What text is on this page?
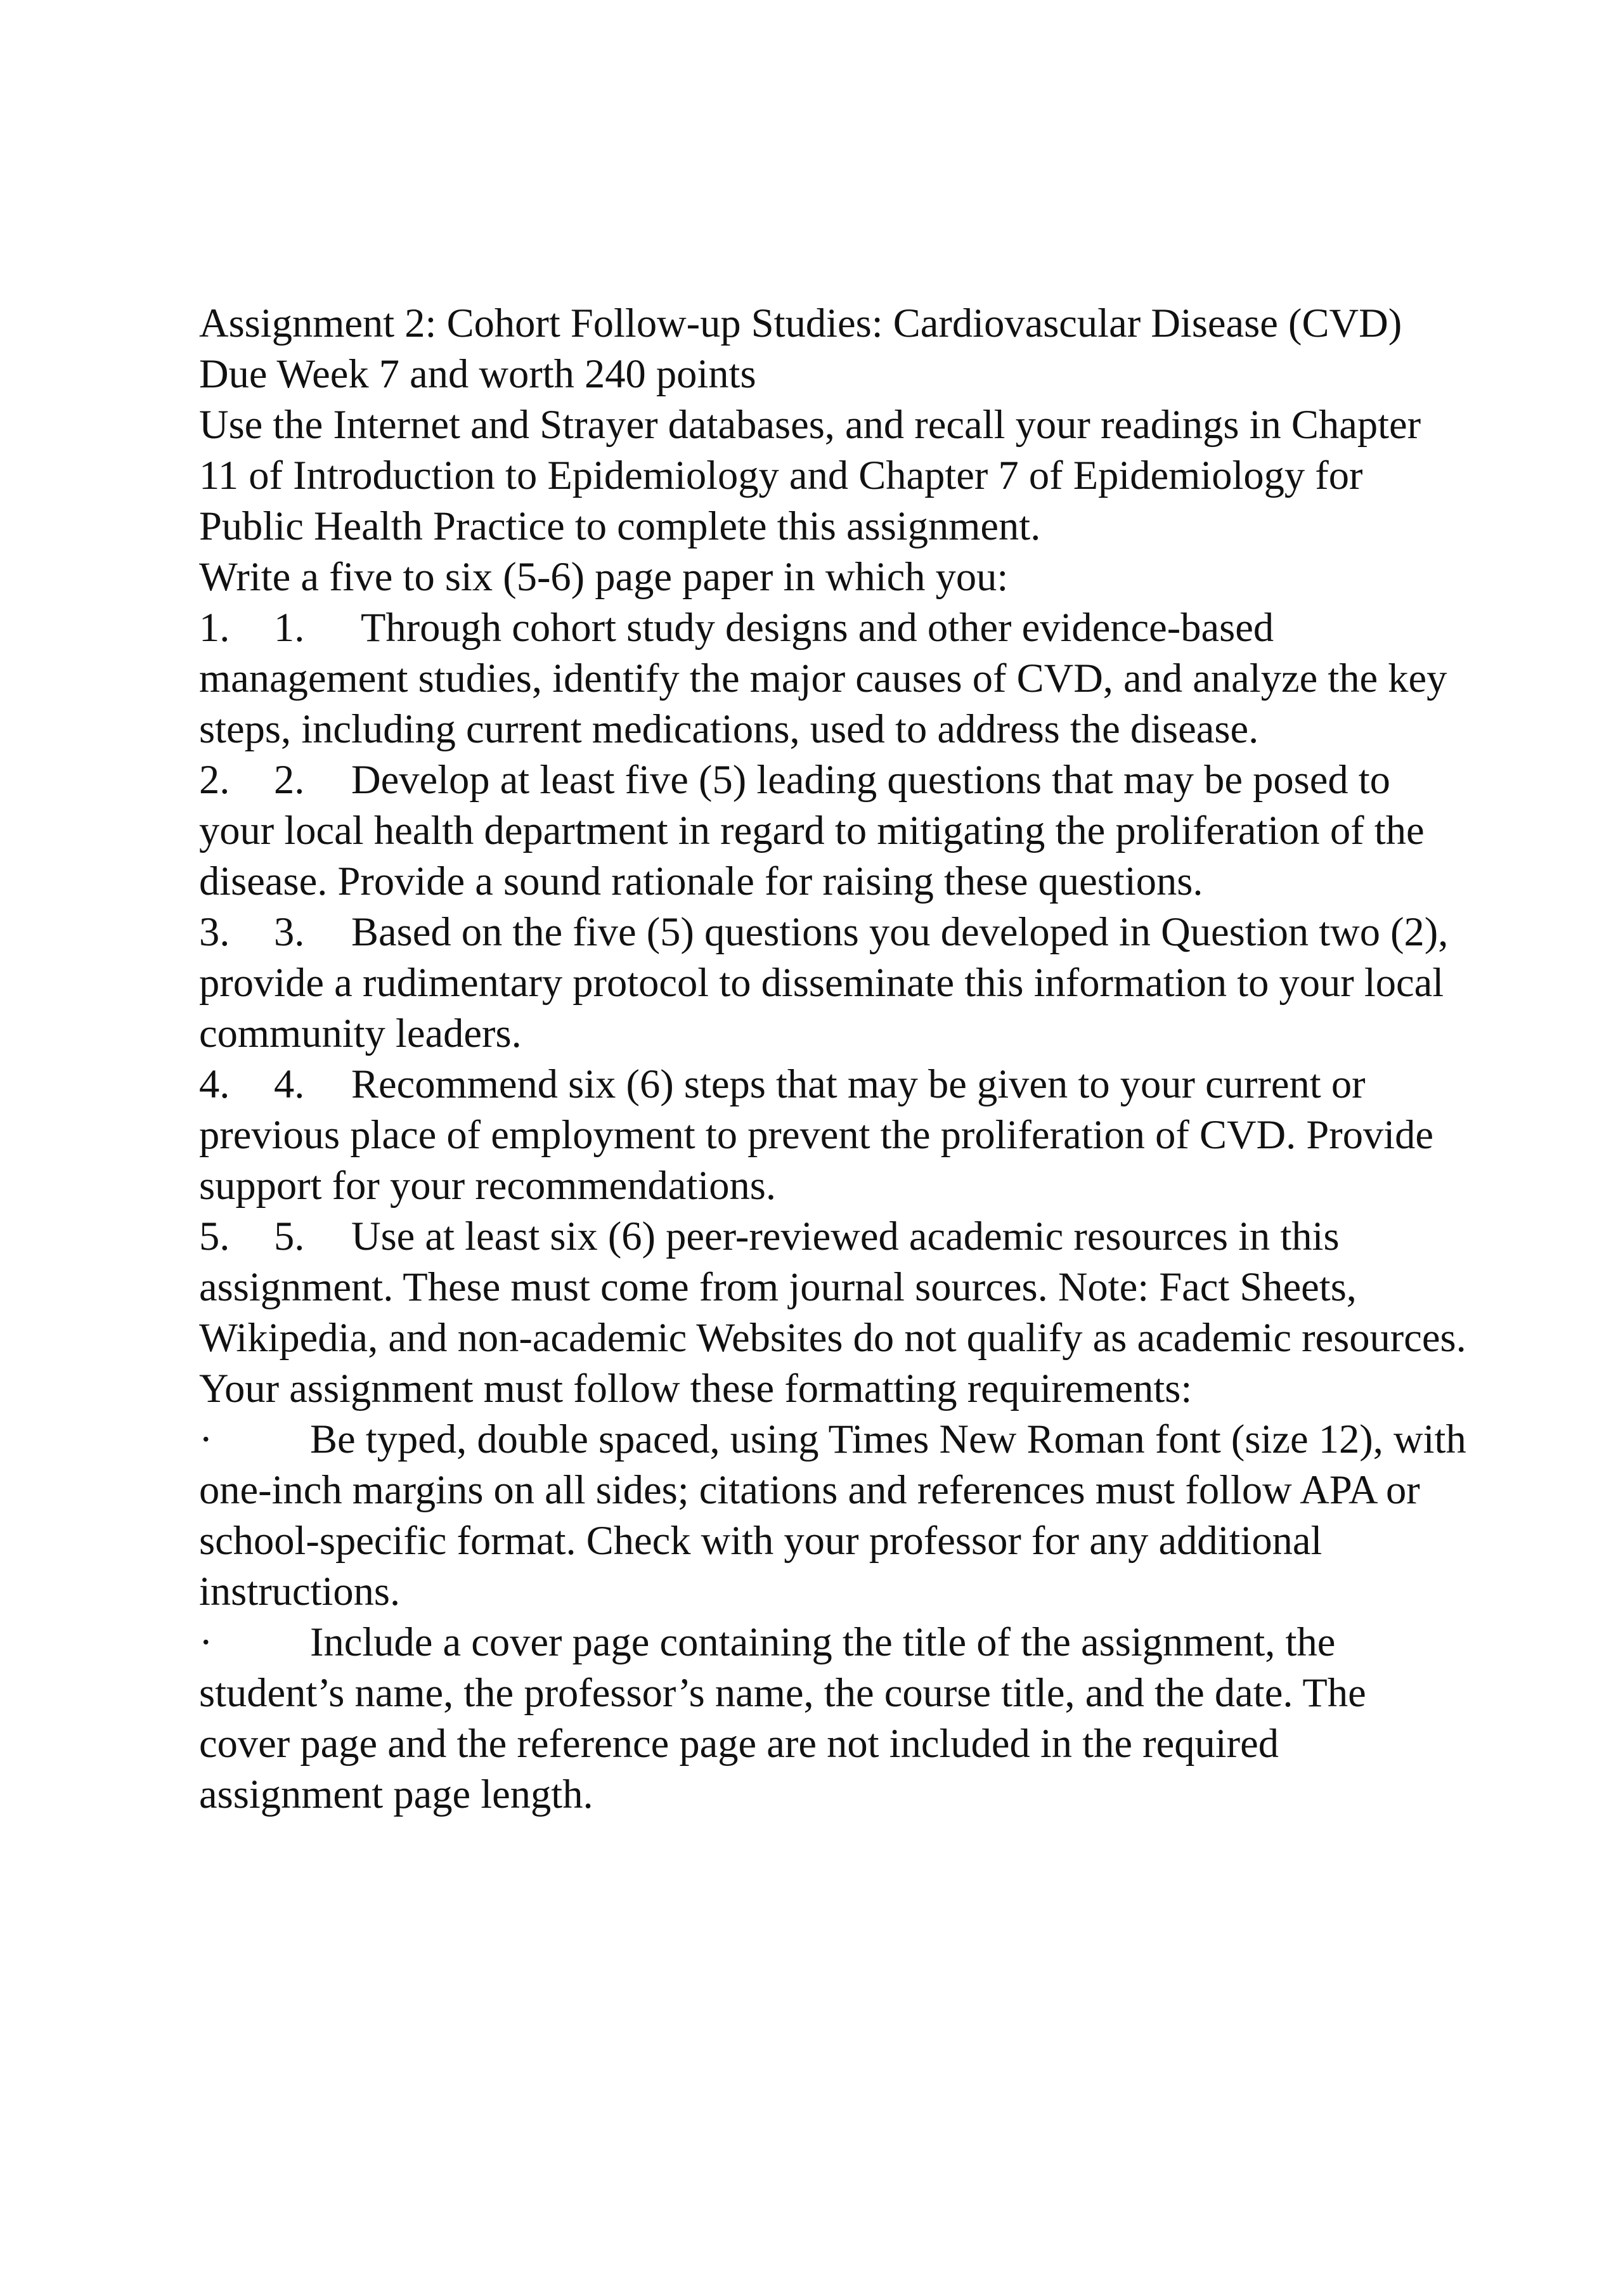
Assignment 2: Cohort Follow-up Studies: Cardiovascular Disease (CVD)

Due Week 7 and worth 240 points

Use the Internet and Strayer databases, and recall your readings in Chapter 11 of Introduction to Epidemiology and Chapter 7 of Epidemiology for Public Health Practice to complete this assignment.

Write a five to six (5-6) page paper in which you:

1. 1. Through cohort study designs and other evidence-based management studies, identify the major causes of CVD, and analyze the key steps, including current medications, used to address the disease.

2. 2. Develop at least five (5) leading questions that may be posed to your local health department in regard to mitigating the proliferation of the disease. Provide a sound rationale for raising these questions.

3. 3. Based on the five (5) questions you developed in Question two (2), provide a rudimentary protocol to disseminate this information to your local community leaders.

4. 4. Recommend six (6) steps that may be given to your current or previous place of employment to prevent the proliferation of CVD. Provide support for your recommendations.

5. 5. Use at least six (6) peer-reviewed academic resources in this assignment. These must come from journal sources. Note: Fact Sheets, Wikipedia, and non-academic Websites do not qualify as academic resources.

Your assignment must follow these formatting requirements:

· Be typed, double spaced, using Times New Roman font (size 12), with one-inch margins on all sides; citations and references must follow APA or school-specific format. Check with your professor for any additional instructions.

· Include a cover page containing the title of the assignment, the student’s name, the professor’s name, the course title, and the date. The cover page and the reference page are not included in the required assignment page length.
